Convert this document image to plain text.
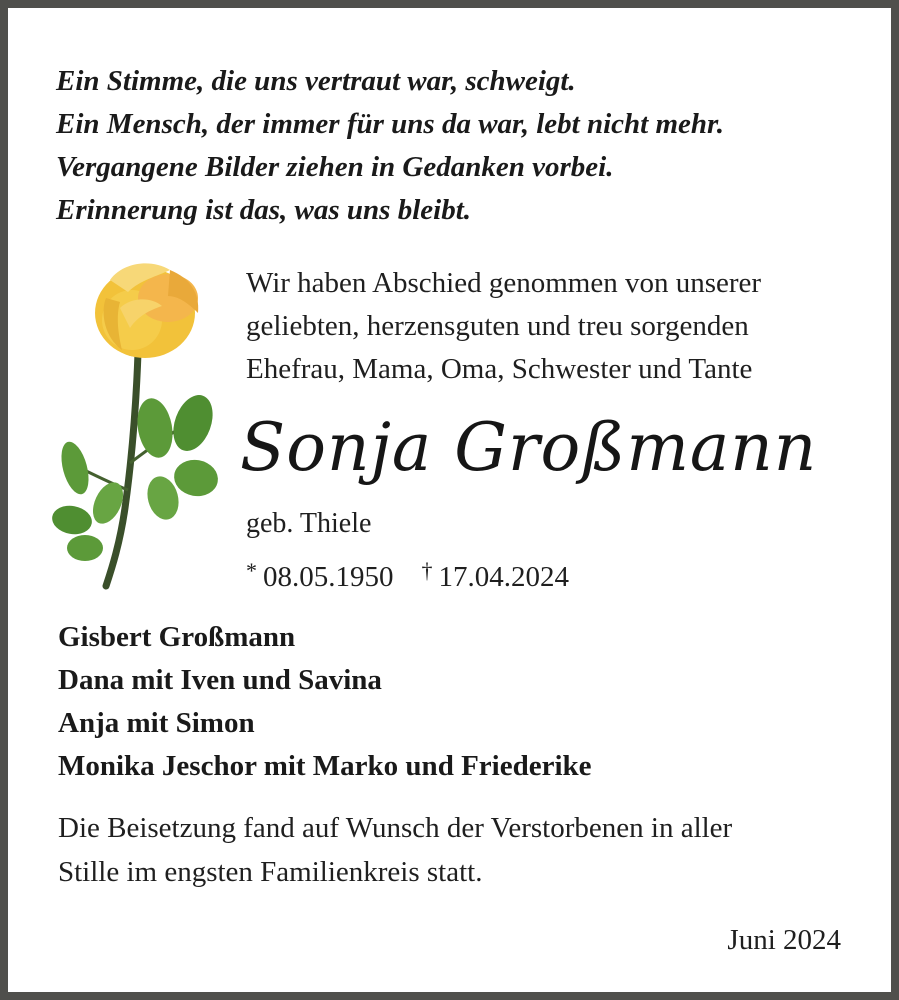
Ein Stimme, die uns vertraut war, schweigt.
Ein Mensch, der immer für uns da war, lebt nicht mehr.
Vergangene Bilder ziehen in Gedanken vorbei.
Erinnerung ist das, was uns bleibt.
Wir haben Abschied genommen von unserer
geliebten, herzensguten und treu sorgenden
Ehefrau, Mama, Oma, Schwester und Tante
Sonja Großmann
geb. Thiele
* 08.05.1950 † 17.04.2024
Gisbert Großmann
Dana mit Iven und Savina
Anja mit Simon
Monika Jeschor mit Marko und Friederike
Die Beisetzung fand auf Wunsch der Verstorbenen in aller
Stille im engsten Familienkreis statt.
Juni 2024
